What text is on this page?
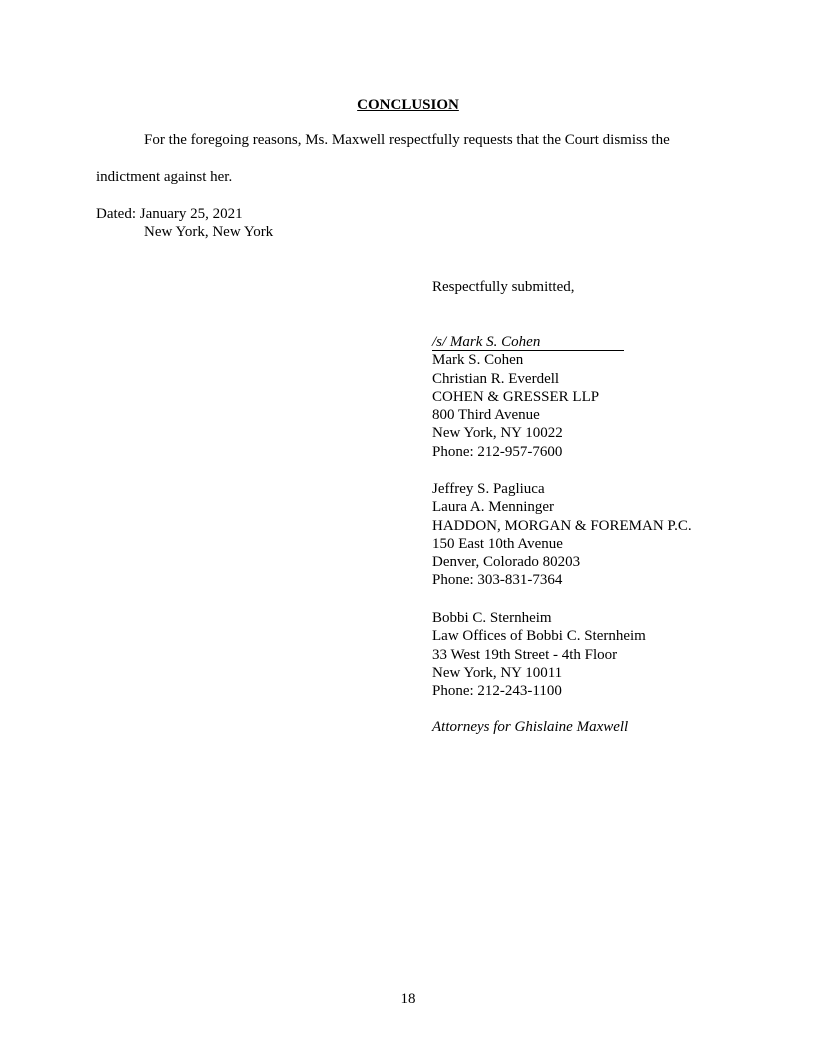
CONCLUSION
For the foregoing reasons, Ms. Maxwell respectfully requests that the Court dismiss the
indictment against her.
Dated: January 25, 2021
New York, New York
Respectfully submitted,
/s/ Mark S. Cohen
Mark S. Cohen
Christian R. Everdell
COHEN & GRESSER LLP
800 Third Avenue
New York, NY 10022
Phone: 212-957-7600
Jeffrey S. Pagliuca
Laura A. Menninger
HADDON, MORGAN & FOREMAN P.C.
150 East 10th Avenue
Denver, Colorado 80203
Phone: 303-831-7364
Bobbi C. Sternheim
Law Offices of Bobbi C. Sternheim
33 West 19th Street - 4th Floor
New York, NY 10011
Phone: 212-243-1100
Attorneys for Ghislaine Maxwell
18
